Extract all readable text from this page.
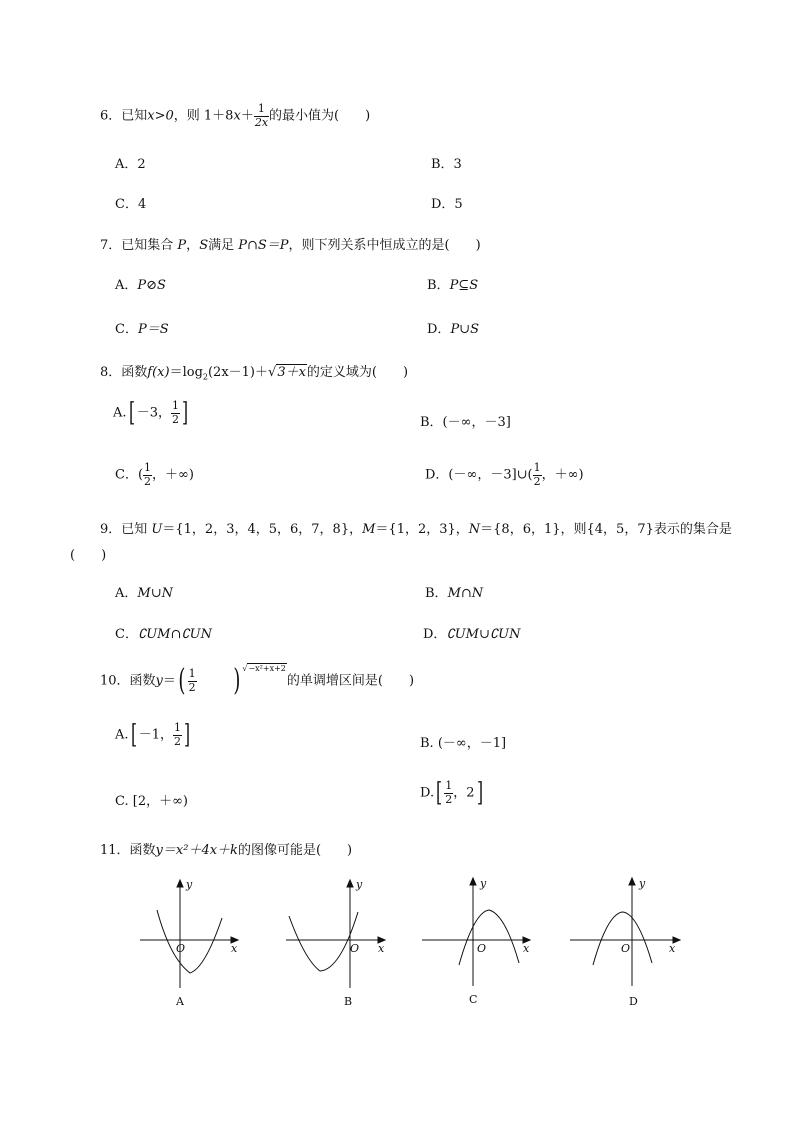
6．已知x>0，则 $1+8x+ \frac{1}{2x}$ 的最小值为(　　)
A．2	B．3
C．4	D．5
7．已知集合 P，S满足 P∩S＝P，则下列关系中恒成立的是(　　)
A．P⊘S	B．P⊆S
C．P＝S	D．P∪S
8．函数$f(x)=\log_2(2x-1)+√3+x$的定义域为(　　)
A.[ －3， $\frac{1}{2}$ ]	B．(－∞，－3]
C．( $\frac{1}{2}$ ，＋∞)	D．(－∞，－3]∪( $\frac{1}{2}$ ，＋∞)
9．已知 U＝{1，2，3，4，5，6，7，8}，M＝{1，2，3}，N＝{8，6，1}，则{4，5，7}表示的集合是
(　　)
A．M∪N	B．M∩N
C．∁UM∩∁UN	D．∁UM∪∁UN
10．函数$y=( \frac{1}{2}$ ) $^{√-x^2+x+2}$的单调增区间是(　　)
A.[ －1， $\frac{1}{2}$ ]	B. (－∞，－1]
C. [2，＋∞)
$D.[ \frac{1}{2}$ ，2]
11．函数y＝x²＋4x＋k的图像可能是(　　)
y
x
O
A
y
x
O
B
y
x
O
C
y
x
O
D
